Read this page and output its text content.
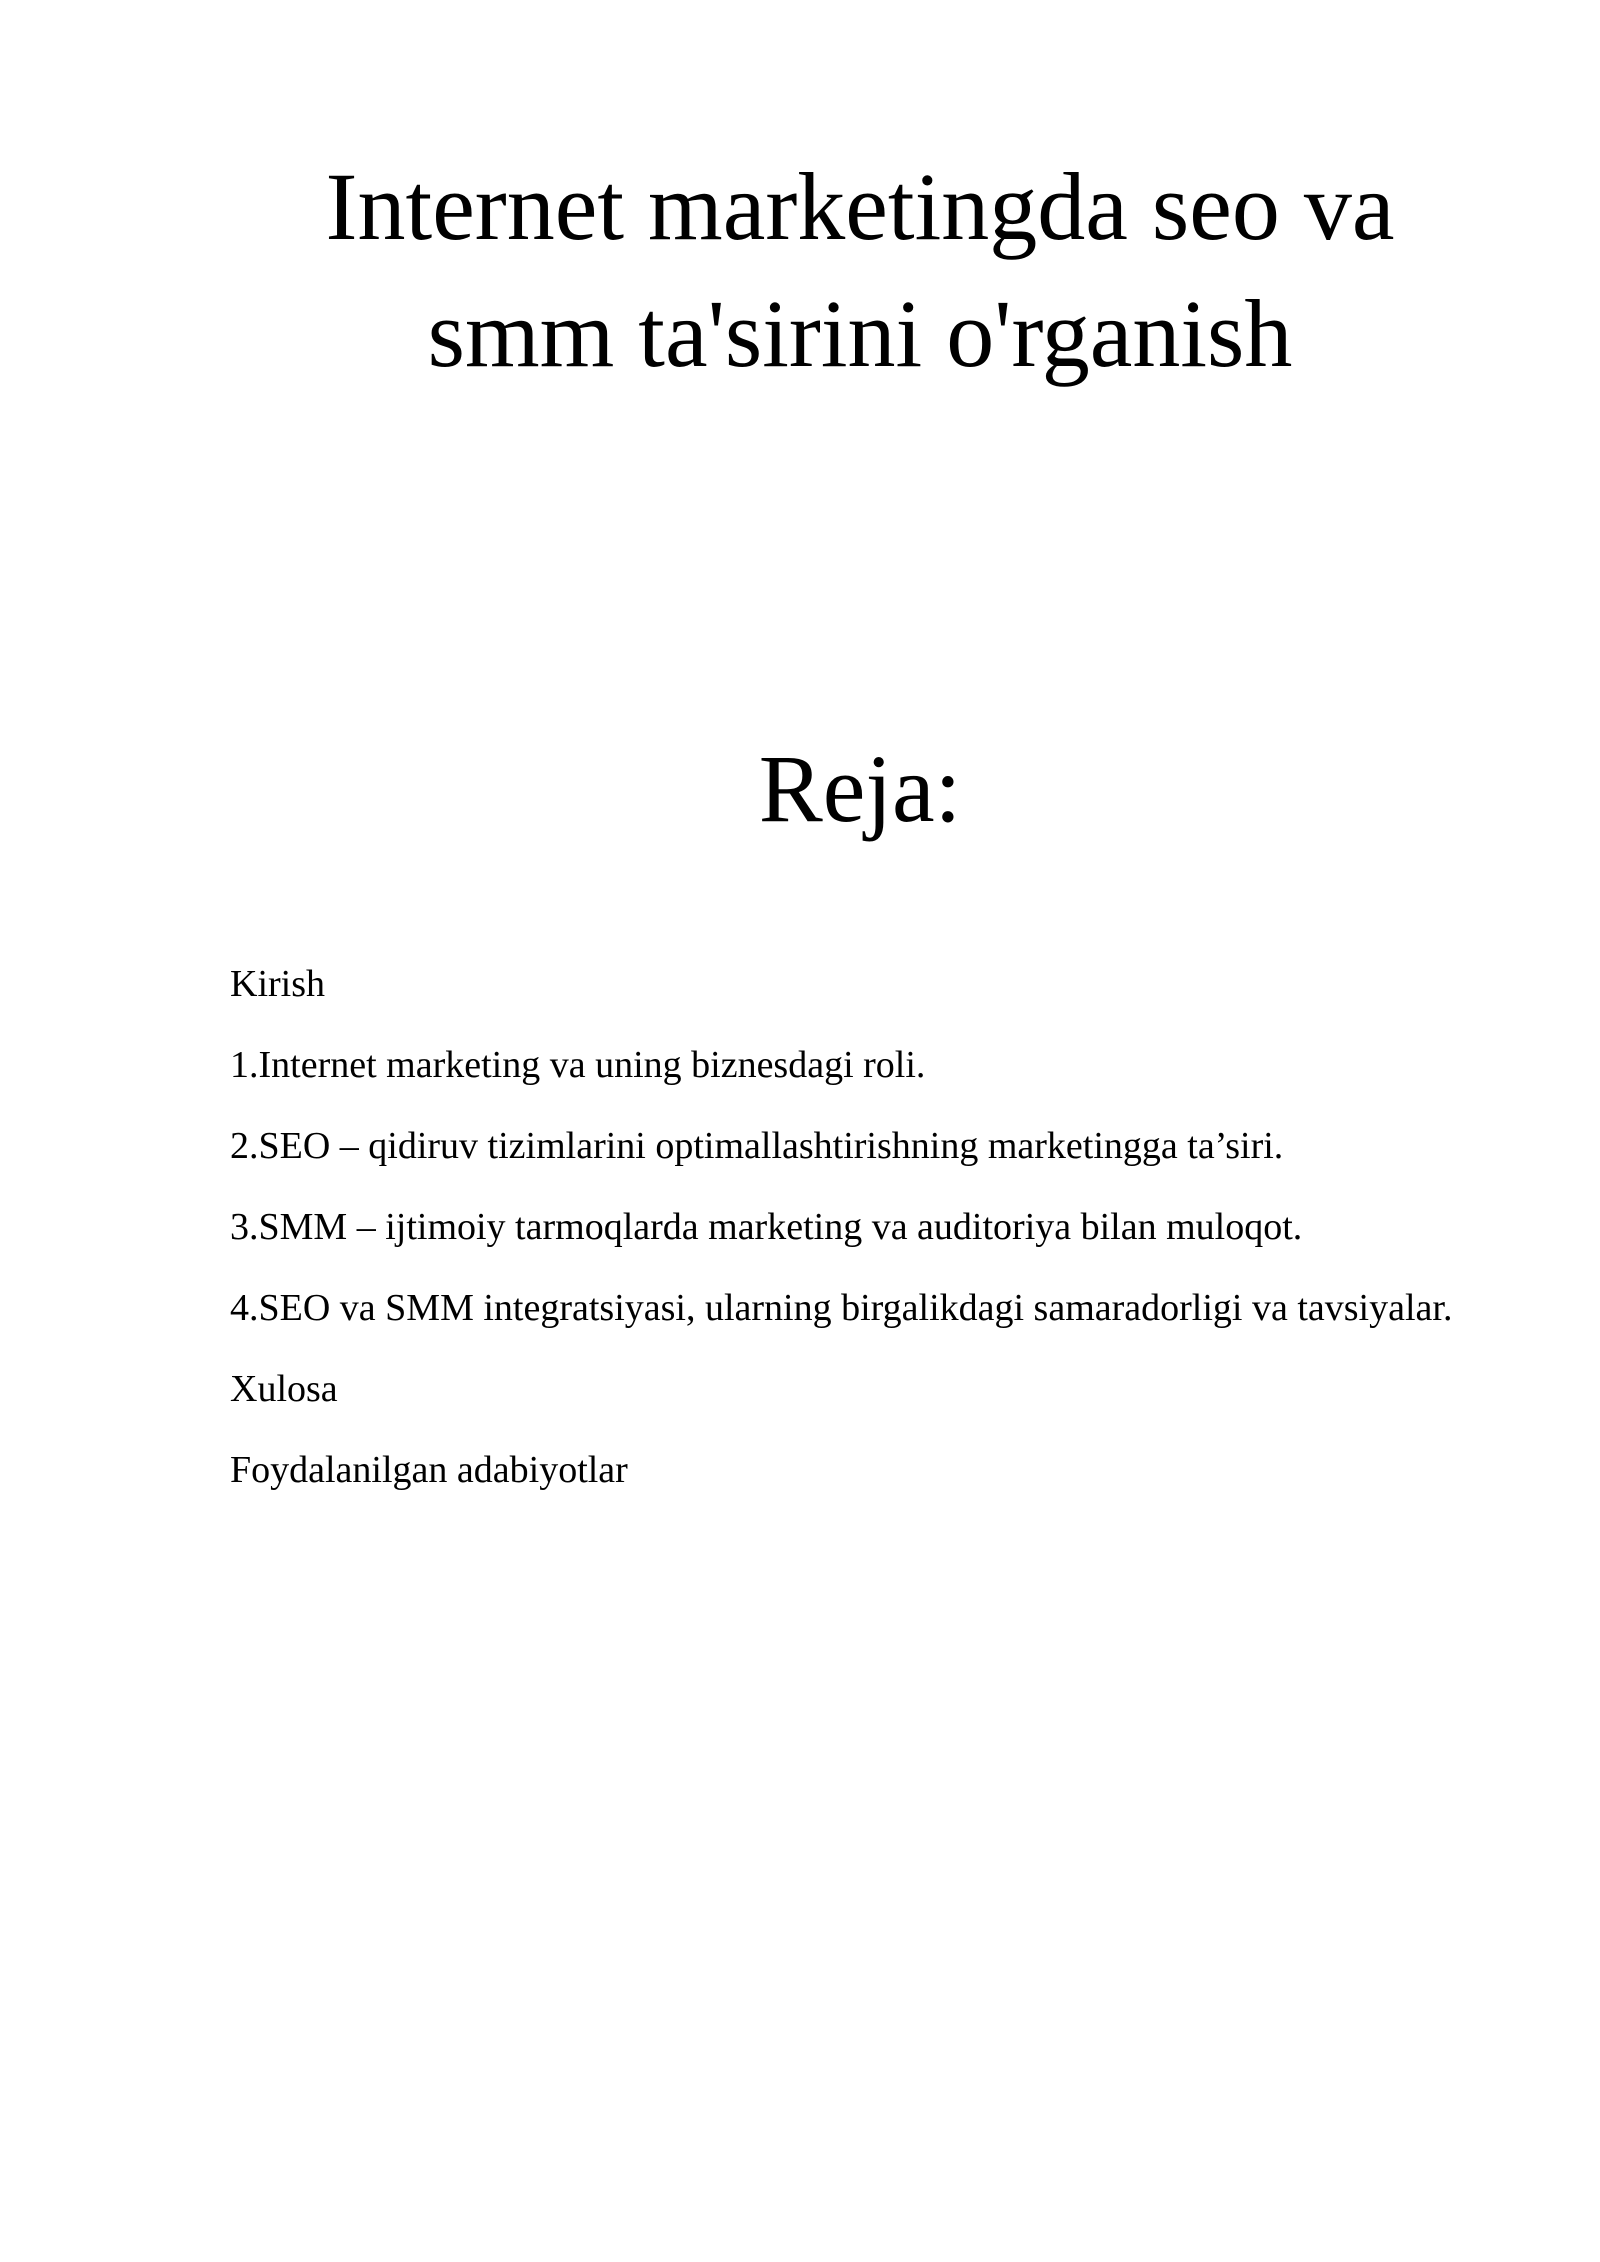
Internet marketingda seo va
smm ta'sirini o'rganish
Reja:
Kirish
1.Internet marketing va uning biznesdagi roli.
2.SEO – qidiruv tizimlarini optimallashtirishning marketingga ta’siri.
3.SMM – ijtimoiy tarmoqlarda marketing va auditoriya bilan muloqot.
4.SEO va SMM integratsiyasi, ularning birgalikdagi samaradorligi va tavsiyalar.
Xulosa
Foydalanilgan adabiyotlar
